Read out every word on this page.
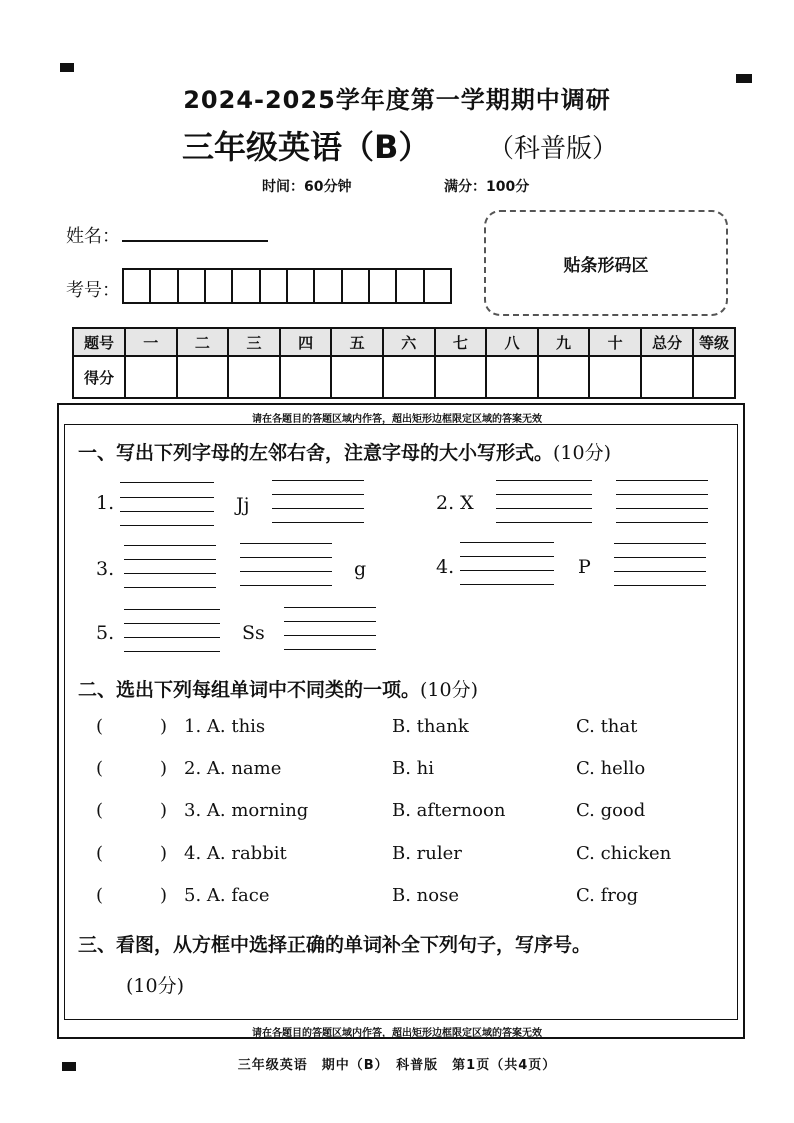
2024-2025学年度第一学期期中调研
三年级英语（B） （科普版）
时间：60分钟	满分：100分
姓名：
考号：
贴条形码区
题号	一	二	三	四	五	六	七	八	九	十	总分	等级
得分												
请在各题目的答题区域内作答，超出矩形边框限定区域的答案无效
一、写出下列字母的左邻右舍，注意字母的大小写形式。(10分)
1.	Jj	2. X
3.	g	4.	P
5.	Ss
二、选出下列每组单词中不同类的一项。(10分)
(	) 1. A. this	B. thank	C. that
(	) 2. A. name	B. hi	C. hello
(	) 3. A. morning	B. afternoon	C. good
(	) 4. A. rabbit	B. ruler	C. chicken
(	) 5. A. face	B. nose	C. frog
三、看图，从方框中选择正确的单词补全下列句子，写序号。
(10分)
请在各题目的答题区域内作答，超出矩形边框限定区域的答案无效
三年级英语　期中（B）　科普版　第1页（共4页）
